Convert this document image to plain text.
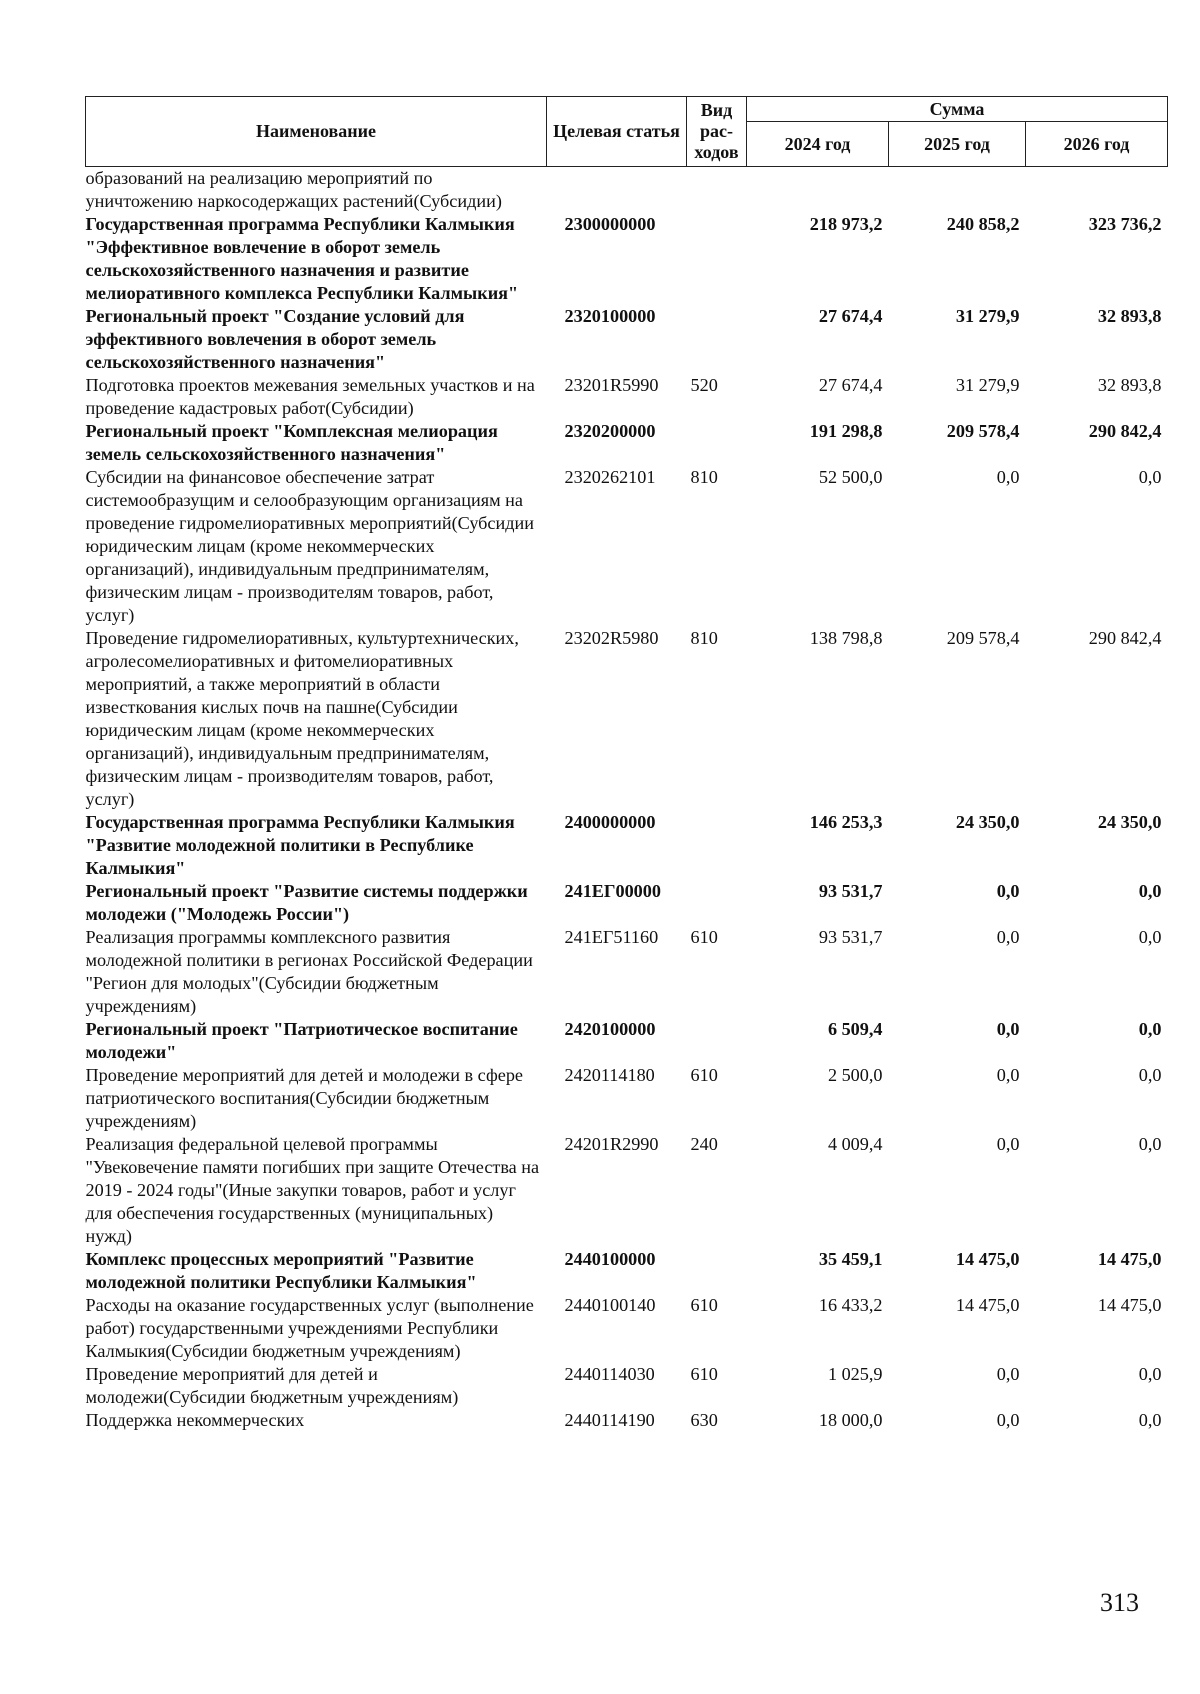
Наименование	Целевая статья	Вид рас-ходов	Сумма		
			2024 год	2025 год	2026 год
образований на реализацию мероприятий по уничтожению наркосодержащих растений(Субсидии)					
Государственная программа Республики Калмыкия "Эффективное вовлечение в оборот земель сельскохозяйственного назначения и развитие мелиоративного комплекса Республики Калмыкия"	2300000000		218 973,2	240 858,2	323 736,2
Региональный проект "Создание условий для эффективного вовлечения в оборот земель сельскохозяйственного назначения"	2320100000		27 674,4	31 279,9	32 893,8
Подготовка проектов межевания земельных участков и на проведение кадастровых работ(Субсидии)	23201R5990	520	27 674,4	31 279,9	32 893,8
Региональный проект "Комплексная мелиорация земель сельскохозяйственного назначения"	2320200000		191 298,8	209 578,4	290 842,4
Субсидии на финансовое обеспечение затрат системообразущим и селообразующим организациям на проведение гидромелиоративных мероприятий(Субсидии юридическим лицам (кроме некоммерческих организаций), индивидуальным предпринимателям, физическим лицам - производителям товаров, работ, услуг)	2320262101	810	52 500,0	0,0	0,0
Проведение гидромелиоративных, культуртехнических, агролесомелиоративных и фитомелиоративных мероприятий, а также мероприятий в области известкования кислых почв на пашне(Субсидии юридическим лицам (кроме некоммерческих организаций), индивидуальным предпринимателям, физическим лицам - производителям товаров, работ, услуг)	23202R5980	810	138 798,8	209 578,4	290 842,4
Государственная программа Республики Калмыкия "Развитие молодежной политики в Республике Калмыкия"	2400000000		146 253,3	24 350,0	24 350,0
Региональный проект "Развитие системы поддержки молодежи ("Молодежь России")	241ЕГ00000		93 531,7	0,0	0,0
Реализация программы комплексного развития молодежной политики в регионах Российской Федерации "Регион для молодых"(Субсидии бюджетным учреждениям)	241ЕГ51160	610	93 531,7	0,0	0,0
Региональный проект "Патриотическое воспитание молодежи"	2420100000		6 509,4	0,0	0,0
Проведение мероприятий для детей и молодежи в сфере патриотического воспитания(Субсидии бюджетным учреждениям)	2420114180	610	2 500,0	0,0	0,0
Реализация федеральной целевой программы "Увековечение памяти погибших при защите Отечества на 2019 - 2024 годы"(Иные закупки товаров, работ и услуг для обеспечения государственных (муниципальных) нужд)	24201R2990	240	4 009,4	0,0	0,0
Комплекс процессных мероприятий "Развитие молодежной политики Республики Калмыкия"	2440100000		35 459,1	14 475,0	14 475,0
Расходы на оказание государственных услуг (выполнение работ) государственными учреждениями Республики Калмыкия(Субсидии бюджетным учреждениям)	2440100140	610	16 433,2	14 475,0	14 475,0
Проведение мероприятий для детей и молодежи(Субсидии бюджетным учреждениям)	2440114030	610	1 025,9	0,0	0,0
Поддержка некоммерческих	2440114190	630	18 000,0	0,0	0,0
313
